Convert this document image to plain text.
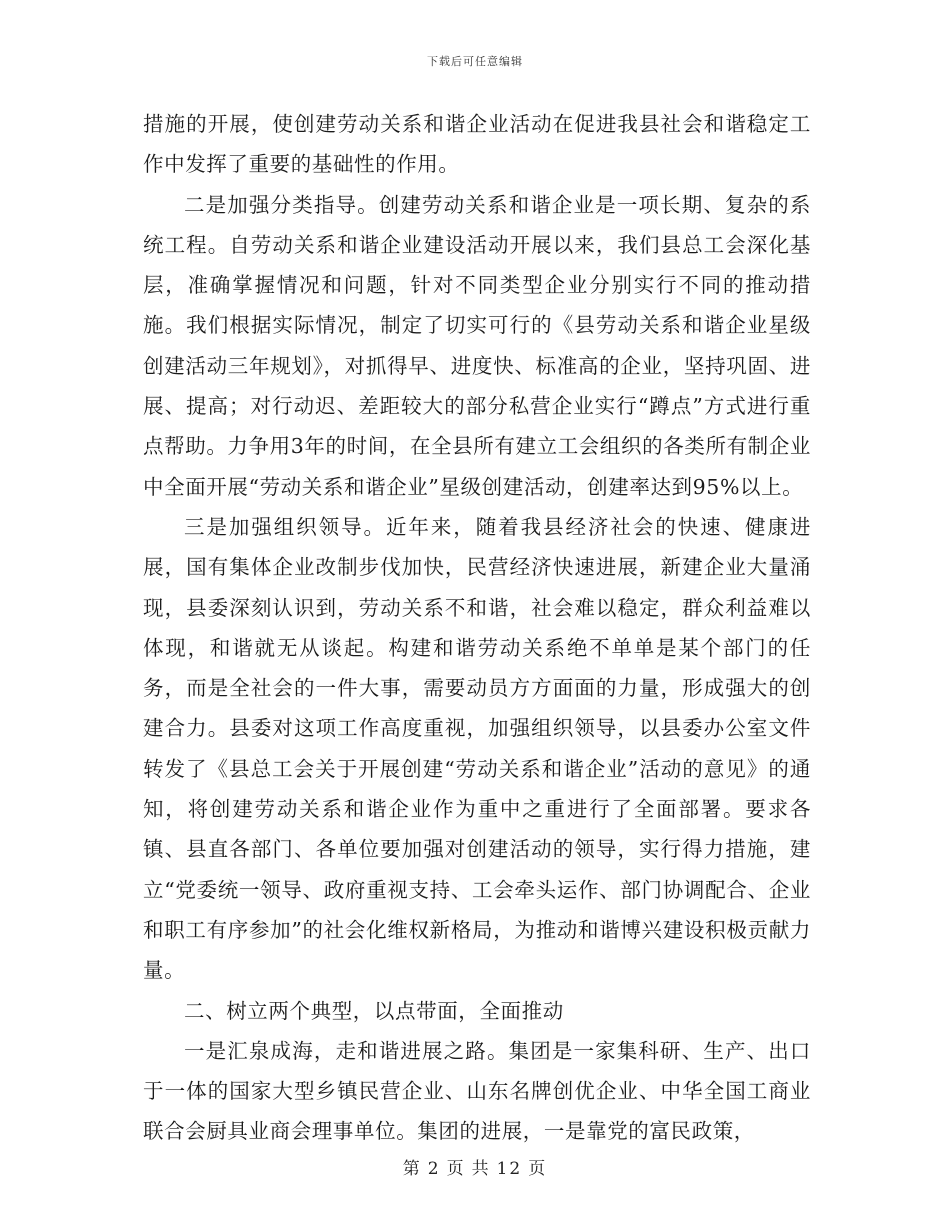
下载后可任意编辑

措施的开展，使创建劳动关系和谐企业活动在促进我县社会和谐稳定工作中发挥了重要的基础性的作用。

二是加强分类指导。创建劳动关系和谐企业是一项长期、复杂的系统工程。自劳动关系和谐企业建设活动开展以来，我们县总工会深化基层，准确掌握情况和问题，针对不同类型企业分别实行不同的推动措施。我们根据实际情况，制定了切实可行的《县劳动关系和谐企业星级创建活动三年规划》，对抓得早、进度快、标准高的企业，坚持巩固、进展、提高；对行动迟、差距较大的部分私营企业实行“蹲点”方式进行重点帮助。力争用3年的时间，在全县所有建立工会组织的各类所有制企业中全面开展“劳动关系和谐企业”星级创建活动，创建率达到95%以上。

三是加强组织领导。近年来，随着我县经济社会的快速、健康进展，国有集体企业改制步伐加快，民营经济快速进展，新建企业大量涌现，县委深刻认识到，劳动关系不和谐，社会难以稳定，群众利益难以体现，和谐就无从谈起。构建和谐劳动关系绝不单单是某个部门的任务，而是全社会的一件大事，需要动员方方面面的力量，形成强大的创建合力。县委对这项工作高度重视，加强组织领导，以县委办公室文件转发了《县总工会关于开展创建“劳动关系和谐企业”活动的意见》的通知，将创建劳动关系和谐企业作为重中之重进行了全面部署。要求各镇、县直各部门、各单位要加强对创建活动的领导，实行得力措施，建立“党委统一领导、政府重视支持、工会牵头运作、部门协调配合、企业和职工有序参加”的社会化维权新格局，为推动和谐博兴建设积极贡献力量。

二、树立两个典型，以点带面，全面推动

一是汇泉成海，走和谐进展之路。集团是一家集科研、生产、出口于一体的国家大型乡镇民营企业、山东名牌创优企业、中华全国工商业联合会厨具业商会理事单位。集团的进展，一是靠党的富民政策，

第 2 页 共 12 页
